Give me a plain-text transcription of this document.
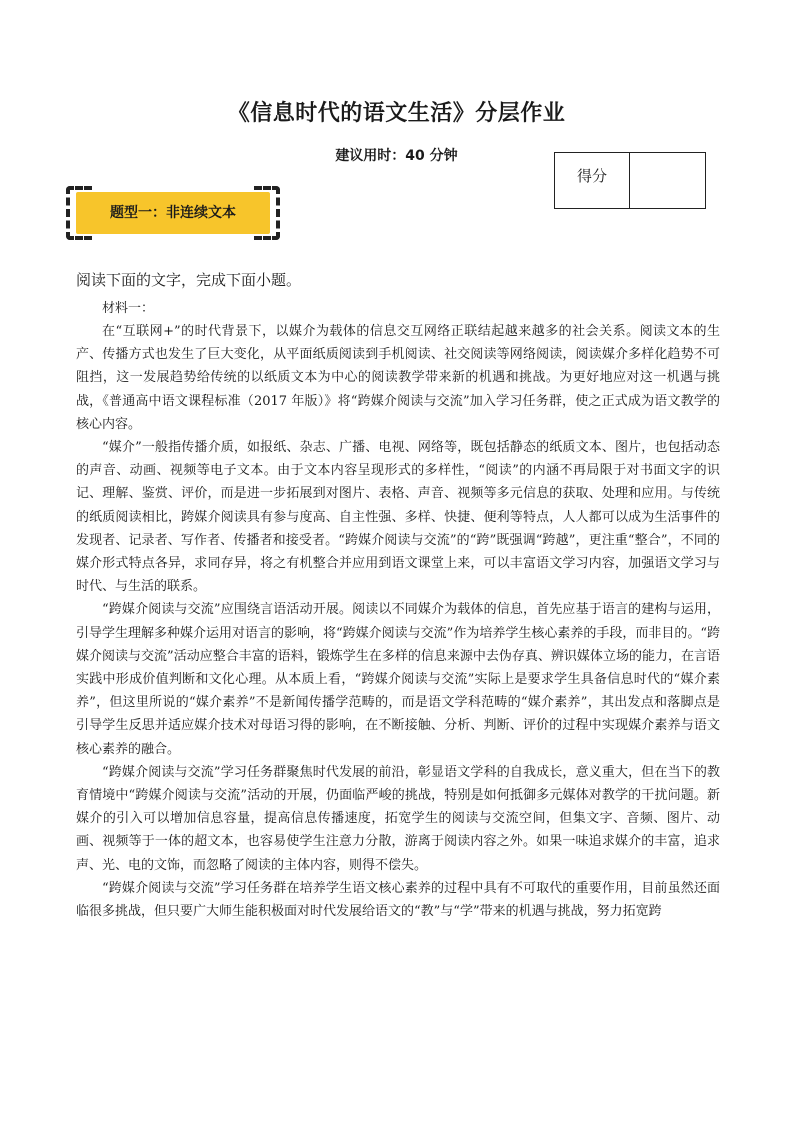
《信息时代的语文生活》分层作业
建议用时：40 分钟
得分
题型一：非连续文本
阅读下面的文字，完成下面小题。
材料一：

在“互联网+”的时代背景下，以媒介为载体的信息交互网络正联结起越来越多的社会关系。阅读文本的生产、传播方式也发生了巨大变化，从平面纸质阅读到手机阅读、社交阅读等网络阅读，阅读媒介多样化趋势不可阻挡，这一发展趋势给传统的以纸质文本为中心的阅读教学带来新的机遇和挑战。为更好地应对这一机遇与挑战，《普通高中语文课程标准（2017 年版）》将“跨媒介阅读与交流”加入学习任务群，使之正式成为语文教学的核心内容。

“媒介”一般指传播介质，如报纸、杂志、广播、电视、网络等，既包括静态的纸质文本、图片，也包括动态的声音、动画、视频等电子文本。由于文本内容呈现形式的多样性，“阅读”的内涵不再局限于对书面文字的识记、理解、鉴赏、评价，而是进一步拓展到对图片、表格、声音、视频等多元信息的获取、处理和应用。与传统的纸质阅读相比，跨媒介阅读具有参与度高、自主性强、多样、快捷、便利等特点，人人都可以成为生活事件的发现者、记录者、写作者、传播者和接受者。“跨媒介阅读与交流”的“跨”既强调“跨越”，更注重“整合”，不同的媒介形式特点各异，求同存异，将之有机整合并应用到语文课堂上来，可以丰富语文学习内容，加强语文学习与时代、与生活的联系。

“跨媒介阅读与交流”应围绕言语活动开展。阅读以不同媒介为载体的信息，首先应基于语言的建构与运用，引导学生理解多种媒介运用对语言的影响，将“跨媒介阅读与交流”作为培养学生核心素养的手段，而非目的。“跨媒介阅读与交流”活动应整合丰富的语料，锻炼学生在多样的信息来源中去伪存真、辨识媒体立场的能力，在言语实践中形成价值判断和文化心理。从本质上看，“跨媒介阅读与交流”实际上是要求学生具备信息时代的“媒介素养”，但这里所说的“媒介素养”不是新闻传播学范畴的，而是语文学科范畴的“媒介素养”，其出发点和落脚点是引导学生反思并适应媒介技术对母语习得的影响，在不断接触、分析、判断、评价的过程中实现媒介素养与语文核心素养的融合。

“跨媒介阅读与交流”学习任务群聚焦时代发展的前沿，彰显语文学科的自我成长，意义重大，但在当下的教育情境中“跨媒介阅读与交流”活动的开展，仍面临严峻的挑战，特别是如何抵御多元媒体对教学的干扰问题。新媒介的引入可以增加信息容量，提高信息传播速度，拓宽学生的阅读与交流空间，但集文字、音频、图片、动画、视频等于一体的超文本，也容易使学生注意力分散，游离于阅读内容之外。如果一味追求媒介的丰富，追求声、光、电的文饰，而忽略了阅读的主体内容，则得不偿失。

“跨媒介阅读与交流”学习任务群在培养学生语文核心素养的过程中具有不可取代的重要作用，目前虽然还面临很多挑战，但只要广大师生能积极面对时代发展给语文的“教”与“学”带来的机遇与挑战，努力拓宽跨
